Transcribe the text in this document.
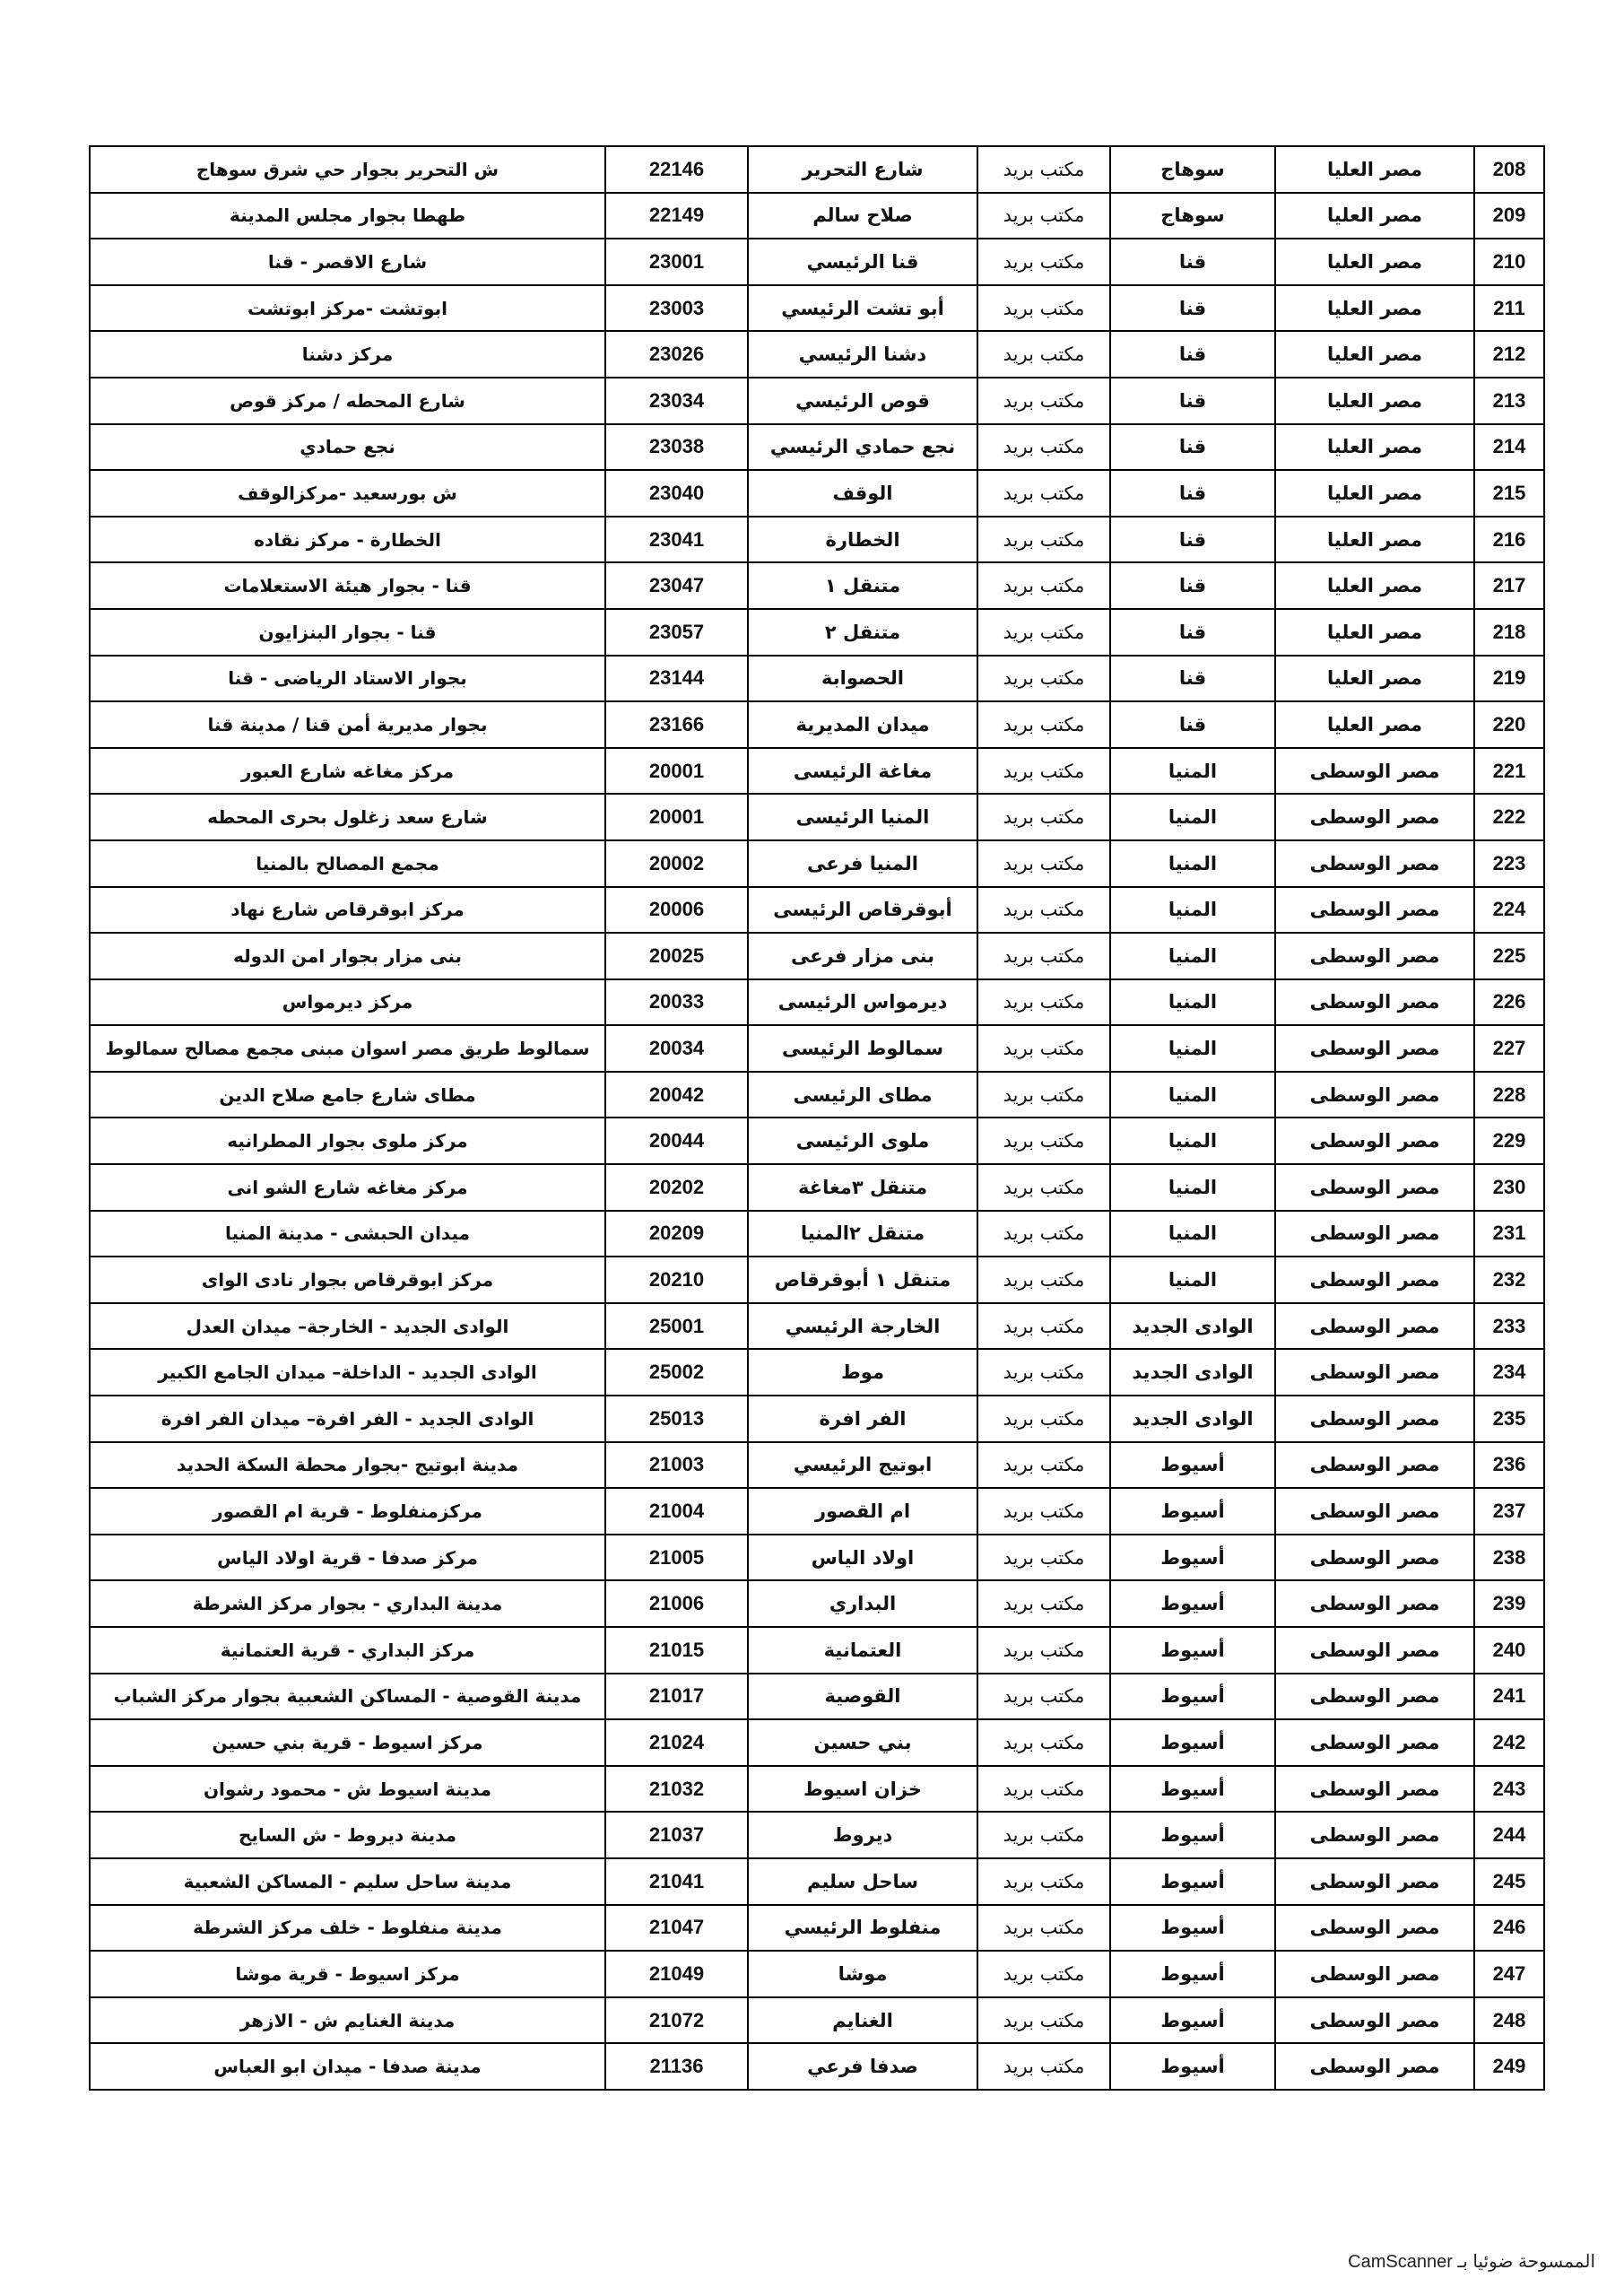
208	مصر العليا	سوهاج	مكتب بريد	شارع التحرير	22146	ش التحرير بجوار حي شرق سوهاج
209	مصر العليا	سوهاج	مكتب بريد	صلاح سالم	22149	طهطا بجوار مجلس المدينة
210	مصر العليا	قنا	مكتب بريد	قنا الرئيسي	23001	شارع الاقصر - قنا
211	مصر العليا	قنا	مكتب بريد	أبو تشت الرئيسي	23003	ابوتشت -مركز ابوتشت
212	مصر العليا	قنا	مكتب بريد	دشنا الرئيسي	23026	مركز دشنا
213	مصر العليا	قنا	مكتب بريد	قوص الرئيسي	23034	شارع المحطه / مركز قوص
214	مصر العليا	قنا	مكتب بريد	نجع حمادي الرئيسي	23038	نجع حمادي
215	مصر العليا	قنا	مكتب بريد	الوقف	23040	ش بورسعيد -مركزالوقف
216	مصر العليا	قنا	مكتب بريد	الخطارة	23041	الخطارة - مركز نقاده
217	مصر العليا	قنا	مكتب بريد	متنقل ١	23047	قنا - بجوار هيئة الاستعلامات
218	مصر العليا	قنا	مكتب بريد	متنقل ٢	23057	قنا - بجوار البنزايون
219	مصر العليا	قنا	مكتب بريد	الحصوابة	23144	بجوار الاستاد الرياضى - قنا
220	مصر العليا	قنا	مكتب بريد	ميدان المديرية	23166	بجوار مديرية أمن قنا / مدينة قنا
221	مصر الوسطى	المنيا	مكتب بريد	مغاغة الرئيسى	20001	مركز مغاغه شارع العبور
222	مصر الوسطى	المنيا	مكتب بريد	المنيا الرئيسى	20001	شارع سعد زغلول بحرى المحطه
223	مصر الوسطى	المنيا	مكتب بريد	المنيا فرعى	20002	مجمع المصالح بالمنيا
224	مصر الوسطى	المنيا	مكتب بريد	أبوقرقاص الرئيسى	20006	مركز ابوقرقاص شارع نهاد
225	مصر الوسطى	المنيا	مكتب بريد	بنى مزار فرعى	20025	بنى مزار بجوار امن الدوله
226	مصر الوسطى	المنيا	مكتب بريد	ديرمواس الرئيسى	20033	مركز ديرمواس
227	مصر الوسطى	المنيا	مكتب بريد	سمالوط الرئيسى	20034	سمالوط طريق مصر اسوان مبنى مجمع مصالح سمالوط
228	مصر الوسطى	المنيا	مكتب بريد	مطاى الرئيسى	20042	مطاى شارع جامع صلاح الدين
229	مصر الوسطى	المنيا	مكتب بريد	ملوى الرئيسى	20044	مركز ملوى بجوار المطرانيه
230	مصر الوسطى	المنيا	مكتب بريد	متنقل ٣مغاغة	20202	مركز مغاغه شارع الشو انى
231	مصر الوسطى	المنيا	مكتب بريد	متنقل ٢المنيا	20209	ميدان الحبشى - مدينة المنيا
232	مصر الوسطى	المنيا	مكتب بريد	متنقل ١ أبوقرقاص	20210	مركز ابوقرقاص بجوار نادى الواى
233	مصر الوسطى	الوادى الجديد	مكتب بريد	الخارجة الرئيسي	25001	الوادى الجديد - الخارجة– ميدان العدل
234	مصر الوسطى	الوادى الجديد	مكتب بريد	موط	25002	الوادى الجديد - الداخلة– ميدان الجامع الكبير
235	مصر الوسطى	الوادى الجديد	مكتب بريد	الفر افرة	25013	الوادى الجديد - الفر افرة– ميدان الفر افرة
236	مصر الوسطى	أسيوط	مكتب بريد	ابوتيج الرئيسي	21003	مدينة ابوتيج -بجوار محطة السكة الحديد
237	مصر الوسطى	أسيوط	مكتب بريد	ام القصور	21004	مركزمنفلوط - قرية ام القصور
238	مصر الوسطى	أسيوط	مكتب بريد	اولاد الياس	21005	مركز صدفا - قرية اولاد الياس
239	مصر الوسطى	أسيوط	مكتب بريد	البداري	21006	مدينة البداري - بجوار مركز الشرطة
240	مصر الوسطى	أسيوط	مكتب بريد	العتمانية	21015	مركز البداري - قرية العتمانية
241	مصر الوسطى	أسيوط	مكتب بريد	القوصية	21017	مدينة القوصية - المساكن الشعبية بجوار مركز الشباب
242	مصر الوسطى	أسيوط	مكتب بريد	بني حسين	21024	مركز اسيوط - قرية بني حسين
243	مصر الوسطى	أسيوط	مكتب بريد	خزان اسيوط	21032	مدينة اسيوط ش - محمود رشوان
244	مصر الوسطى	أسيوط	مكتب بريد	ديروط	21037	مدينة ديروط - ش السايح
245	مصر الوسطى	أسيوط	مكتب بريد	ساحل سليم	21041	مدينة ساحل سليم - المساكن الشعبية
246	مصر الوسطى	أسيوط	مكتب بريد	منفلوط الرئيسي	21047	مدينة منفلوط - خلف مركز الشرطة
247	مصر الوسطى	أسيوط	مكتب بريد	موشا	21049	مركز اسيوط - قرية موشا
248	مصر الوسطى	أسيوط	مكتب بريد	الغنايم	21072	مدينة الغنايم ش - الازهر
249	مصر الوسطى	أسيوط	مكتب بريد	صدفا فرعي	21136	مدينة صدفا - ميدان ابو العباس
الممسوحة ضوئيا بـ CamScanner
